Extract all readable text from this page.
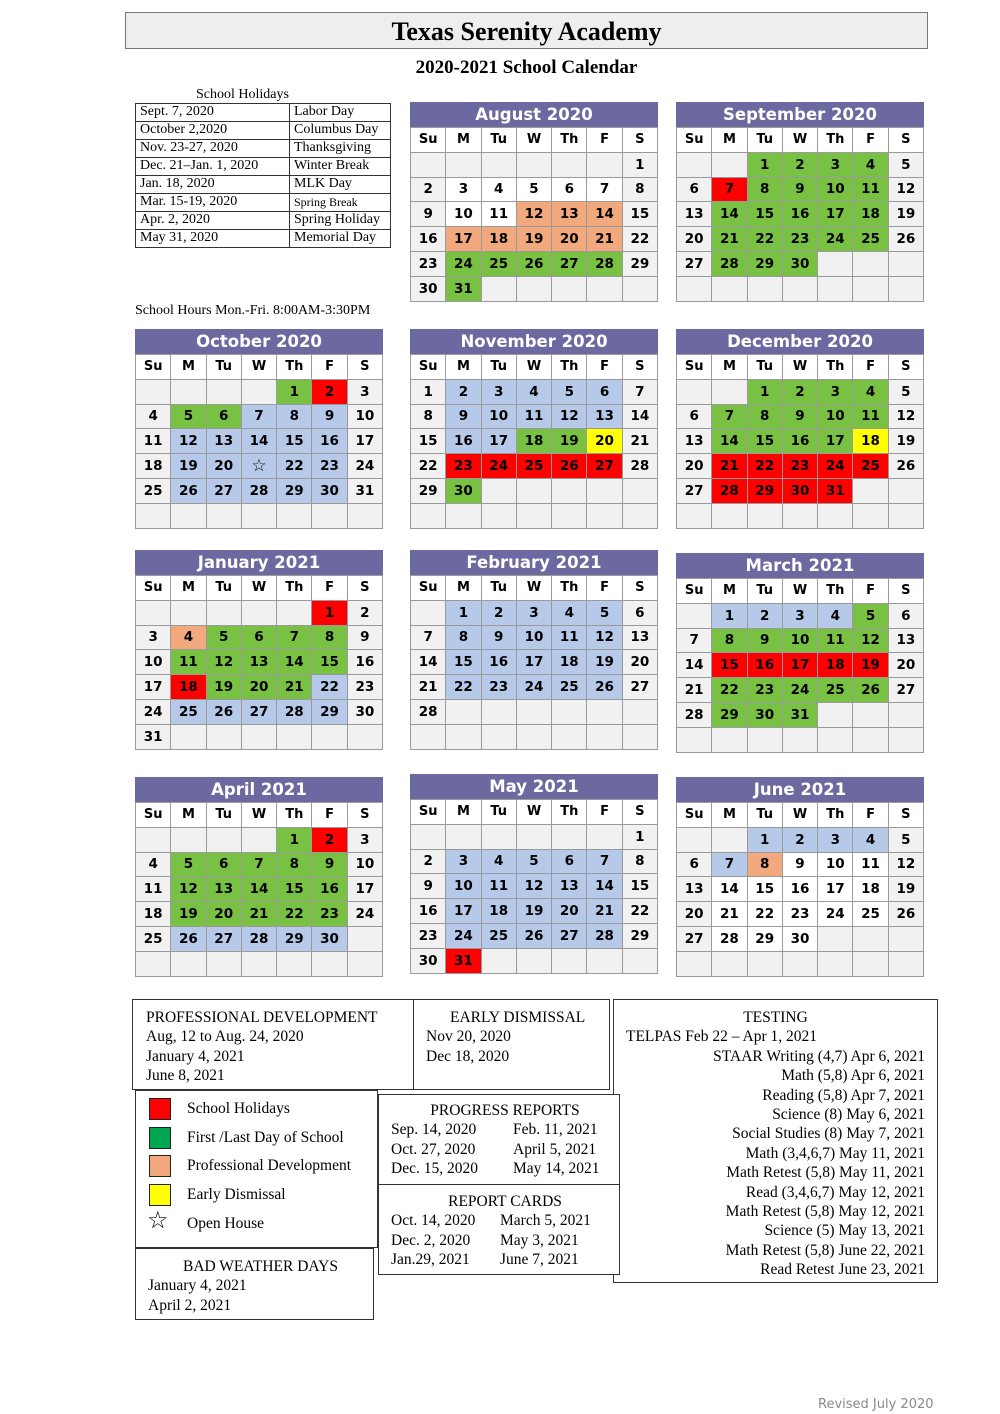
Texas Serenity Academy
2020-2021 School Calendar
School Holidays
Sept. 7, 2020	Labor Day
October 2,2020	Columbus Day
Nov. 23-27, 2020	Thanksgiving
Dec. 21–Jan. 1, 2020	Winter Break
Jan. 18, 2020	MLK Day
Mar. 15-19, 2020	Spring Break
Apr. 2, 2020	Spring Holiday
May 31, 2020	Memorial Day
School Hours Mon.-Fri. 8:00AM-3:30PM
August 2020
Su	M	Tu	W	Th	F	S
						1
2	3	4	5	6	7	8
9	10	11	12	13	14	15
16	17	18	19	20	21	22
23	24	25	26	27	28	29
30	31					
September 2020
Su	M	Tu	W	Th	F	S
		1	2	3	4	5
6	7	8	9	10	11	12
13	14	15	16	17	18	19
20	21	22	23	24	25	26
27	28	29	30			

October 2020
Su	M	Tu	W	Th	F	S
				1	2	3
4	5	6	7	8	9	10
11	12	13	14	15	16	17
18	19	20	☆	22	23	24
25	26	27	28	29	30	31

November 2020
Su	M	Tu	W	Th	F	S
1	2	3	4	5	6	7
8	9	10	11	12	13	14
15	16	17	18	19	20	21
22	23	24	25	26	27	28
29	30					

December 2020
Su	M	Tu	W	Th	F	S
		1	2	3	4	5
6	7	8	9	10	11	12
13	14	15	16	17	18	19
20	21	22	23	24	25	26
27	28	29	30	31		

January 2021
Su	M	Tu	W	Th	F	S
					1	2
3	4	5	6	7	8	9
10	11	12	13	14	15	16
17	18	19	20	21	22	23
24	25	26	27	28	29	30
31						
February 2021
Su	M	Tu	W	Th	F	S
	1	2	3	4	5	6
7	8	9	10	11	12	13
14	15	16	17	18	19	20
21	22	23	24	25	26	27
28						

March 2021
Su	M	Tu	W	Th	F	S
	1	2	3	4	5	6
7	8	9	10	11	12	13
14	15	16	17	18	19	20
21	22	23	24	25	26	27
28	29	30	31			

April 2021
Su	M	Tu	W	Th	F	S
				1	2	3
4	5	6	7	8	9	10
11	12	13	14	15	16	17
18	19	20	21	22	23	24
25	26	27	28	29	30	

May 2021
Su	M	Tu	W	Th	F	S
						1
2	3	4	5	6	7	8
9	10	11	12	13	14	15
16	17	18	19	20	21	22
23	24	25	26	27	28	29
30	31					
June 2021
Su	M	Tu	W	Th	F	S
		1	2	3	4	5
6	7	8	9	10	11	12
13	14	15	16	17	18	19
20	21	22	23	24	25	26
27	28	29	30			

PROFESSIONAL DEVELOPMENT
Aug, 12 to Aug. 24, 2020
January 4, 2021
June 8, 2021
EARLY DISMISSAL
Nov 20, 2020
Dec 18, 2020
TESTING
TELPAS Feb 22 – Apr 1, 2021
STAAR Writing (4,7) Apr 6, 2021
Math (5,8) Apr 6, 2021
Reading (5,8) Apr 7, 2021
Science (8) May 6, 2021
Social Studies (8) May 7, 2021
Math (3,4,6,7) May 11, 2021
Math Retest (5,8) May 11, 2021
Read (3,4,6,7) May 12, 2021
Math Retest (5,8) May 12, 2021
Science (5) May 13, 2021
Math Retest (5,8) June 22, 2021
Read Retest June 23, 2021
School Holidays
First /Last Day of School
Professional Development
Early Dismissal
☆ Open House
PROGRESS REPORTS
Sep. 14, 2020	Feb. 11, 2021
Oct. 27, 2020	April 5, 2021
Dec. 15, 2020	May 14, 2021
REPORT CARDS
Oct. 14, 2020	March 5, 2021
Dec. 2, 2020	May 3, 2021
Jan.29, 2021	June 7, 2021
BAD WEATHER DAYS
January 4, 2021
April 2, 2021
Revised July 2020
